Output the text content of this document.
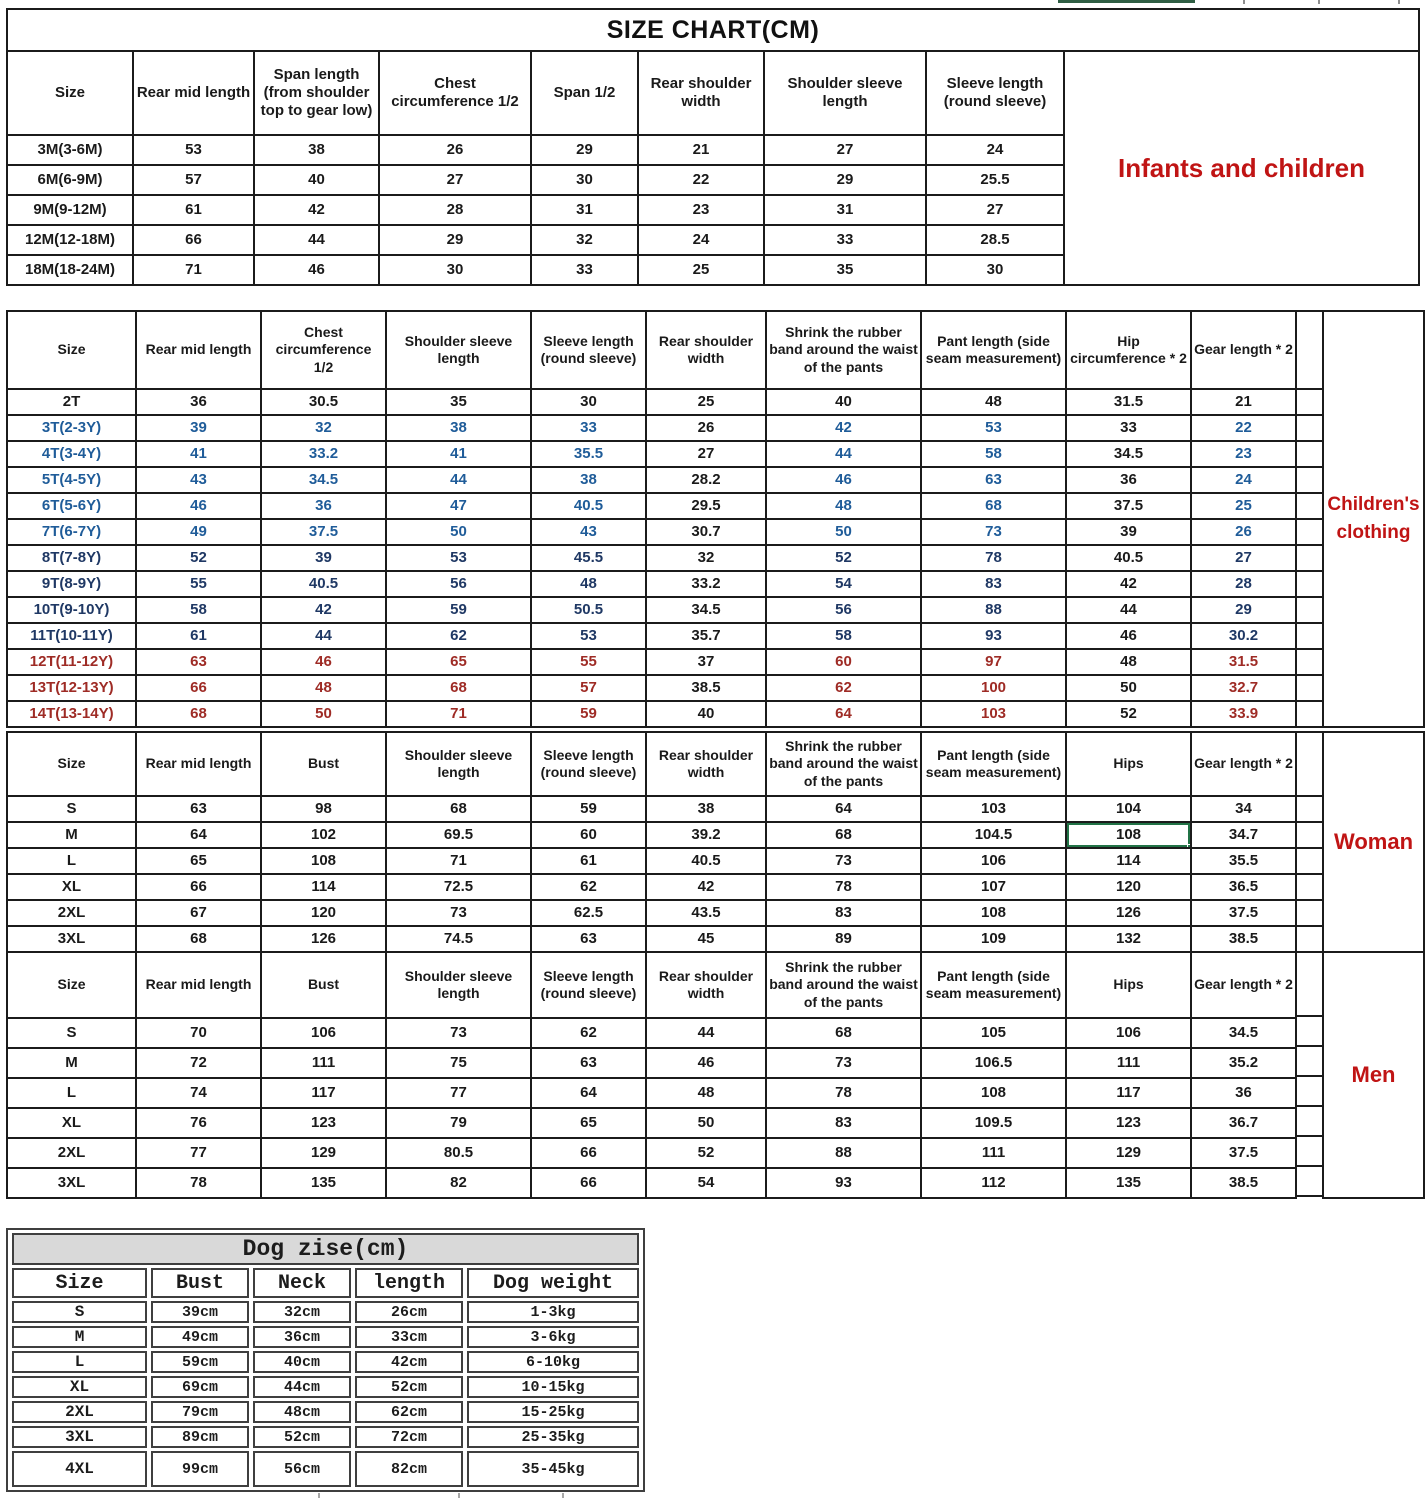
SIZE CHART(CM)
Size	Rear mid length	Span length (from shoulder top to gear low)	Chest circumference 1/2	Span 1/2	Rear shoulder width	Shoulder sleeve length	Sleeve length (round sleeve)
3M(3-6M)	53	38	26	29	21	27	24
6M(6-9M)	57	40	27	30	22	29	25.5
9M(9-12M)	61	42	28	31	23	31	27
12M(12-18M)	66	44	29	32	24	33	28.5
18M(18-24M)	71	46	30	33	25	35	30
Infants and children
Size	Rear mid length	Chest circumference 1/2	Shoulder sleeve length	Sleeve length (round sleeve)	Rear shoulder width	Shrink the rubber band around the waist of the pants	Pant length (side seam measurement)	Hip circumference * 2	Gear length * 2
2T	36	30.5	35	30	25	40	48	31.5	21
3T(2-3Y)	39	32	38	33	26	42	53	33	22
4T(3-4Y)	41	33.2	41	35.5	27	44	58	34.5	23
5T(4-5Y)	43	34.5	44	38	28.2	46	63	36	24
6T(5-6Y)	46	36	47	40.5	29.5	48	68	37.5	25
7T(6-7Y)	49	37.5	50	43	30.7	50	73	39	26
8T(7-8Y)	52	39	53	45.5	32	52	78	40.5	27
9T(8-9Y)	55	40.5	56	48	33.2	54	83	42	28
10T(9-10Y)	58	42	59	50.5	34.5	56	88	44	29
11T(10-11Y)	61	44	62	53	35.7	58	93	46	30.2
12T(11-12Y)	63	46	65	55	37	60	97	48	31.5
13T(12-13Y)	66	48	68	57	38.5	62	100	50	32.7
14T(13-14Y)	68	50	71	59	40	64	103	52	33.9
Children's clothing
Size	Rear mid length	Bust	Shoulder sleeve length	Sleeve length (round sleeve)	Rear shoulder width	Shrink the rubber band around the waist of the pants	Pant length (side seam measurement)	Hips	Gear length * 2
S	63	98	68	59	38	64	103	104	34
M	64	102	69.5	60	39.2	68	104.5	108	34.7
L	65	108	71	61	40.5	73	106	114	35.5
XL	66	114	72.5	62	42	78	107	120	36.5
2XL	67	120	73	62.5	43.5	83	108	126	37.5
3XL	68	126	74.5	63	45	89	109	132	38.5
Size	Rear mid length	Bust	Shoulder sleeve length	Sleeve length (round sleeve)	Rear shoulder width	Shrink the rubber band around the waist of the pants	Pant length (side seam measurement)	Hips	Gear length * 2
S	70	106	73	62	44	68	105	106	34.5
M	72	111	75	63	46	73	106.5	111	35.2
L	74	117	77	64	48	78	108	117	36
XL	76	123	79	65	50	83	109.5	123	36.7
2XL	77	129	80.5	66	52	88	111	129	37.5
3XL	78	135	82	66	54	93	112	135	38.5
Woman
Men
Dog zise(cm)				
Size	Bust	Neck	length	Dog weight
S	39cm	32cm	26cm	1-3kg
M	49cm	36cm	33cm	3-6kg
L	59cm	40cm	42cm	6-10kg
XL	69cm	44cm	52cm	10-15kg
2XL	79cm	48cm	62cm	15-25kg
3XL	89cm	52cm	72cm	25-35kg
4XL	99cm	56cm	82cm	35-45kg
